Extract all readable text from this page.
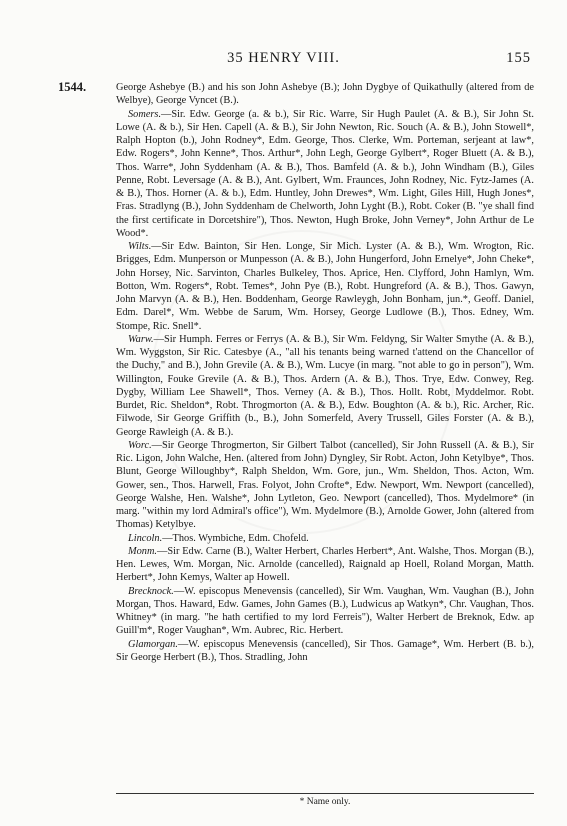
35 HENRY VIII.	155
1544.	George Ashebye (B.) and his son John Ashebye (B.); John Dygbye of Quikathully (altered from de Welbye), George Vyncet (B.).

Somers.—Sir. Edw. George (a. & b.), Sir Ric. Warre, Sir Hugh Paulet (A. & B.), Sir John St. Lowe (A. & b.), Sir Hen. Capell (A. & B.), Sir John Newton, Ric. Souch (A. & B.), John Stowell*, Ralph Hopton (b.), John Rodney*, Edm. George, Thos. Clerke, Wm. Porteman, serjeant at law*, Edw. Rogers*, John Kenne*, Thos. Arthur*, John Legh, George Gylbert*, Roger Bluett (A. & B.), Thos. Warre*, John Syddenham (A. & B.), Thos. Bamfeld (A. & b.), John Windham (B.), Giles Penne, Robt. Leversage (A. & B.), Ant. Gylbert, Wm. Fraunces, John Rodney, Nic. Fytz-James (A. & B.), Thos. Horner (A. & b.), Edm. Huntley, John Drewes*, Wm. Light, Giles Hill, Hugh Jones*, Fras. Stradlyng (B.), John Syddenham de Chelworth, John Lyght (B.), Robt. Coker (B. "ye shall find the first certificate in Dorcetshire"), Thos. Newton, Hugh Broke, John Verney*, John Arthur de Le Wood*.

Wilts.—Sir Edw. Bainton, Sir Hen. Longe, Sir Mich. Lyster (A. & B.), Wm. Wrogton, Ric. Brigges, Edm. Munperson or Munpesson (A. & B.), John Hungerford, John Ernelye*, John Cheke*, John Horsey, Nic. Sarvinton, Charles Bulkeley, Thos. Aprice, Hen. Clyfford, John Hamlyn, Wm. Botton, Wm. Rogers*, Robt. Temes*, John Pye (B.), Robt. Hungreford (A. & B.), Thos. Gawyn, John Marvyn (A. & B.), Hen. Boddenham, George Rawleygh, John Bonham, jun.*, Geoff. Daniel, Edm. Darel*, Wm. Webbe de Sarum, Wm. Horsey, George Ludlowe (B.), Thos. Edney, Wm. Stompe, Ric. Snell*.

Warw.—Sir Humph. Ferres or Ferrys (A. & B.), Sir Wm. Feldyng, Sir Walter Smythe (A. & B.), Wm. Wyggston, Sir Ric. Catesbye (A., "all his tenants being warned t'attend on the Chancellor of the Duchy," and B.), John Grevile (A. & B.), Wm. Lucye (in marg. "not able to go in person"), Wm. Willington, Fouke Grevile (A. & B.), Thos. Ardern (A. & B.), Thos. Trye, Edw. Conwey, Reg. Dygby, William Lee Shawell*, Thos. Verney (A. & B.), Thos. Hollt. Robt, Myddelmor. Robt. Burdet, Ric. Sheldon*, Robt. Throgmorton (A. & B.), Edw. Boughton (A. & b.), Ric. Archer, Ric. Filwode, Sir George Griffith (b., B.), John Somerfeld, Avery Trussell, Giles Forster (A. & B.), George Rawleigh (A. & B.).

Worc.—Sir George Throgmerton, Sir Gilbert Talbot (cancelled), Sir John Russell (A. & B.), Sir Ric. Ligon, John Walche, Hen. (altered from John) Dyngley, Sir Robt. Acton, John Ketylbye*, Thos. Blunt, George Willoughby*, Ralph Sheldon, Wm. Gore, jun., Wm. Sheldon, Thos. Acton, Wm. Gower, sen., Thos. Harwell, Fras. Folyot, John Crofte*, Edw. Newport, Wm. Newport (cancelled), George Walshe, Hen. Walshe*, John Lytleton, Geo. Newport (cancelled), Thos. Mydelmore* (in marg. "within my lord Admiral's office"), Wm. Mydelmore (B.), Arnolde Gower, John (altered from Thomas) Ketylbye.

Lincoln.—Thos. Wymbiche, Edm. Chofeld.

Monm.—Sir Edw. Carne (B.), Walter Herbert, Charles Herbert*, Ant. Walshe, Thos. Morgan (B.), Hen. Lewes, Wm. Morgan, Nic. Arnolde (cancelled), Raignald ap Hoell, Roland Morgan, Matth. Herbert*, John Kemys, Walter ap Howell.

Brecknock.—W. episcopus Menevensis (cancelled), Sir Wm. Vaughan, Wm. Vaughan (B.), John Morgan, Thos. Haward, Edw. Games, John Games (B.), Ludwicus ap Watkyn*, Chr. Vaughan, Thos. Whitney* (in marg. "he hath certified to my lord Ferreis"), Walter Herbert de Breknok, Edw. ap Guill'm*, Roger Vaughan*, Wm. Aubrec, Ric. Herbert.

Glamorgan.—W. episcopus Menevensis (cancelled), Sir Thos. Gamage*, Wm. Herbert (B. b.), Sir George Herbert (B.), Thos. Stradling, John

* Name only.
